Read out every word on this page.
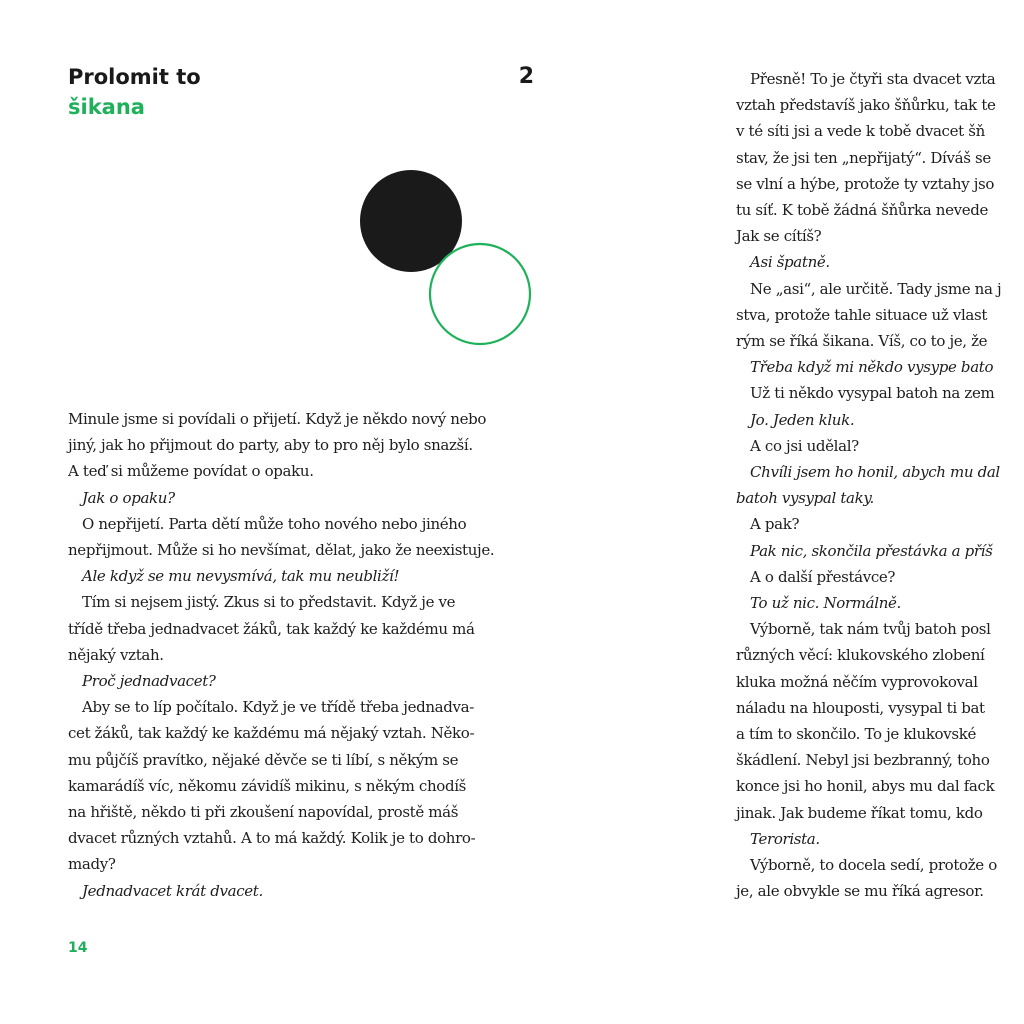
Prolomit to
šikana
2
Minule jsme si povídali o přijetí. Když je někdo nový nebo
jiný, jak ho přijmout do party, aby to pro něj bylo snazší.
A teď si můžeme povídat o opaku.
Jak o opaku?
O nepřijetí. Parta dětí může toho nového nebo jiného
nepřijmout. Může si ho nevšímat, dělat, jako že neexistuje.
Ale když se mu nevysmívá, tak mu neubliží!
Tím si nejsem jistý. Zkus si to představit. Když je ve
třídě třeba jednadvacet žáků, tak každý ke každému má
nějaký vztah.
Proč jednadvacet?
Aby se to líp počítalo. Když je ve třídě třeba jednadva-
cet žáků, tak každý ke každému má nějaký vztah. Někо-
mu půjčíš pravítko, nějaké děvče se ti líbí, s někým se
kamarádíš víc, někomu závidíš mikinu, s někým chodíš
na hřiště, někdo ti při zkoušení napovídal, prostě máš
dvacet různých vztahů. A to má každý. Kolik je to dohro-
mady?
Jednadvacet krát dvacet.
14
Přesně! To je čtyři sta dvacet vzta
vztah představíš jako šňůrku, tak te
v té síti jsi a vede k tobě dvacet šň
stav, že jsi ten „nepřijatý“. Díváš se
se vlní a hýbe, protože ty vztahy jso
tu síť. K tobě žádná šňůrka nevede
Jak se cítíš?
Asi špatně.
Ne „asi“, ale určitě. Tady jsme na j
stva, protože tahle situace už vlast
rým se říká šikana. Víš, co to je, že
Třeba když mi někdo vysype bato
Už ti někdo vysypal batoh na zem
Jo. Jeden kluk.
A co jsi udělal?
Chvíli jsem ho honil, abych mu dal
batoh vysypal taky.
A pak?
Pak nic, skončila přestávka a příš
A o další přestávce?
To už nic. Normálně.
Výborně, tak nám tvůj batoh posl
různých věcí: klukovského zlobení
kluka možná něčím vyprovokoval
náladu na hlouposti, vysypal ti bat
a tím to skončilo. To je klukovské
škádlení. Nebyl jsi bezbranný, toho
konce jsi ho honil, abys mu dal fack
jinak. Jak budeme říkat tomu, kdo
Teroristа.
Výborně, to docela sedí, protože o
je, ale obvykle se mu říká agresor.
